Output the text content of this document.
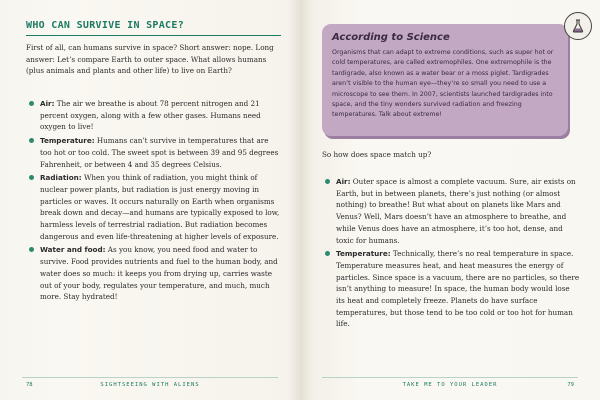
WHO CAN SURVIVE IN SPACE?

First of all, can humans survive in space? Short answer: nope. Long answer: Let’s compare Earth to outer space. What allows humans (plus animals and plants and other life) to live on Earth?

Air: The air we breathe is about 78 percent nitrogen and 21 percent oxygen, along with a few other gases. Humans need oxygen to live!
Temperature: Humans can’t survive in temperatures that are too hot or too cold. The sweet spot is between 39 and 95 degrees Fahrenheit, or between 4 and 35 degrees Celsius.
Radiation: When you think of radiation, you might think of nuclear power plants, but radiation is just energy moving in particles or waves. It occurs naturally on Earth when organisms break down and decay—and humans are typically exposed to low, harmless levels of terrestrial radiation. But radiation becomes dangerous and even life-threatening at higher levels of exposure.
Water and food: As you know, you need food and water to survive. Food provides nutrients and fuel to the human body, and water does so much: it keeps you from drying up, carries waste out of your body, regulates your temperature, and much, much more. Stay hydrated!
78	SIGHTSEEING WITH ALIENS
According to Science

Organisms that can adapt to extreme conditions, such as super hot or cold temperatures, are called extremophiles. One extremophile is the tardigrade, also known as a water bear or a moss piglet. Tardigrades aren’t visible to the human eye—they’re so small you need to use a microscope to see them. In 2007, scientists launched tardigrades into space, and the tiny wonders survived radiation and freezing temperatures. Talk about extreme!

So how does space match up?

Air: Outer space is almost a complete vacuum. Sure, air exists on Earth, but in between planets, there’s just nothing (or almost nothing) to breathe! But what about on planets like Mars and Venus? Well, Mars doesn’t have an atmosphere to breathe, and while Venus does have an atmosphere, it’s too hot, dense, and toxic for humans.
Temperature: Technically, there’s no real temperature in space. Temperature measures heat, and heat measures the energy of particles. Since space is a vacuum, there are no particles, so there isn’t anything to measure! In space, the human body would lose its heat and completely freeze. Planets do have surface temperatures, but those tend to be too cold or too hot for human life.
TAKE ME TO YOUR LEADER	79
